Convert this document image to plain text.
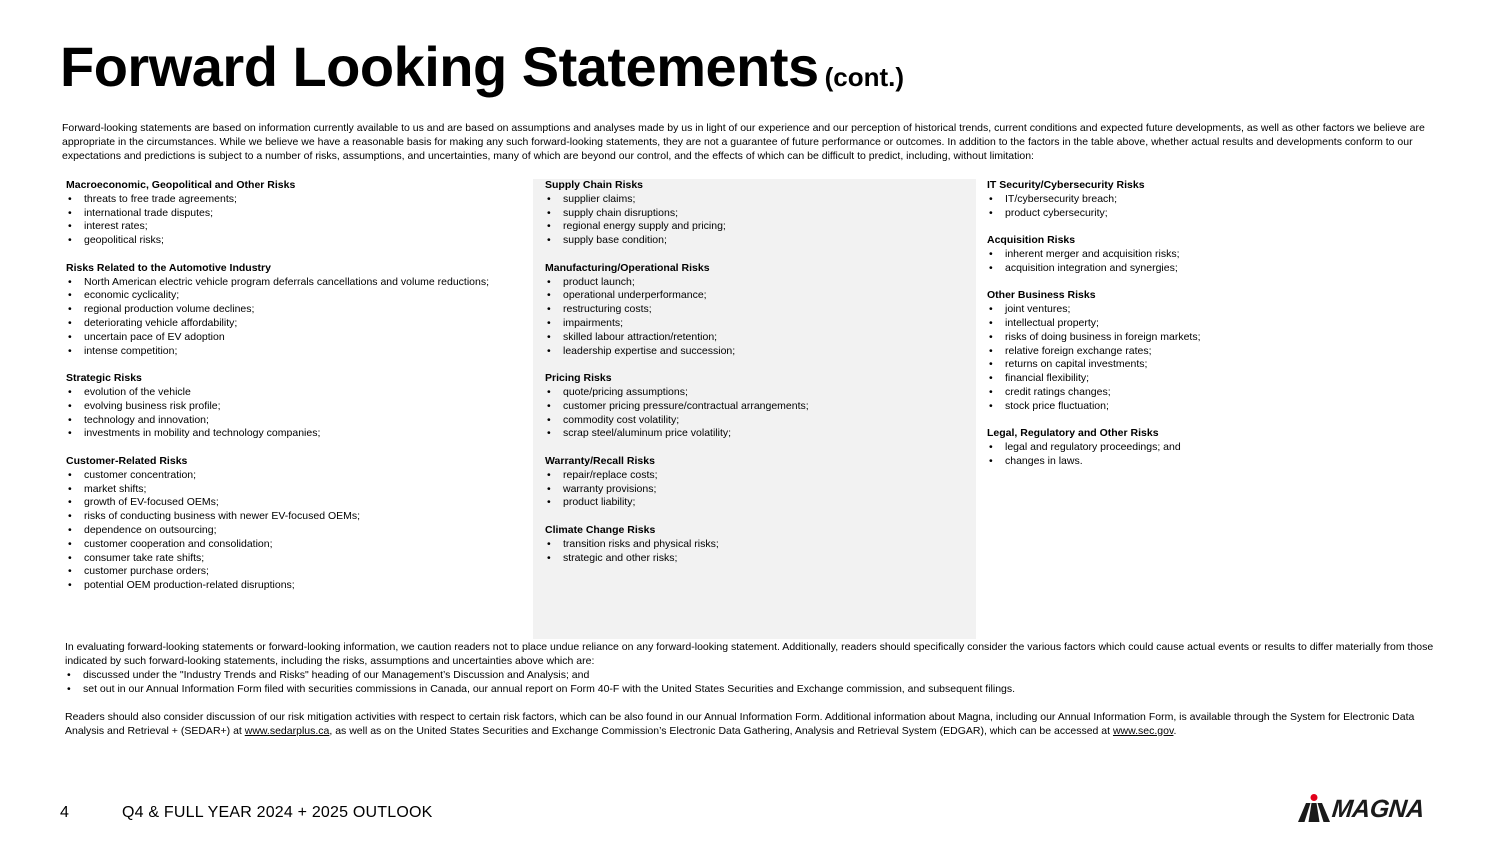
Forward Looking Statements (cont.)

Forward-looking statements are based on information currently available to us and are based on assumptions and analyses made by us in light of our experience and our perception of historical trends, current conditions and expected future developments, as well as other factors we believe are appropriate in the circumstances. While we believe we have a reasonable basis for making any such forward-looking statements, they are not a guarantee of future performance or outcomes. In addition to the factors in the table above, whether actual results and developments conform to our expectations and predictions is subject to a number of risks, assumptions, and uncertainties, many of which are beyond our control, and the effects of which can be difficult to predict, including, without limitation:

Macroeconomic, Geopolitical and Other Risks
• threats to free trade agreements;
• international trade disputes;
• interest rates;
• geopolitical risks;
Risks Related to the Automotive Industry
• North American electric vehicle program deferrals cancellations and volume reductions;
• economic cyclicality;
• regional production volume declines;
• deteriorating vehicle affordability;
• uncertain pace of EV adoption
• intense competition;
Strategic Risks
• evolution of the vehicle
• evolving business risk profile;
• technology and innovation;
• investments in mobility and technology companies;
Customer-Related Risks
• customer concentration;
• market shifts;
• growth of EV-focused OEMs;
• risks of conducting business with newer EV-focused OEMs;
• dependence on outsourcing;
• customer cooperation and consolidation;
• consumer take rate shifts;
• customer purchase orders;
• potential OEM production-related disruptions;
Supply Chain Risks
• supplier claims;
• supply chain disruptions;
• regional energy supply and pricing;
• supply base condition;
Manufacturing/Operational Risks
• product launch;
• operational underperformance;
• restructuring costs;
• impairments;
• skilled labour attraction/retention;
• leadership expertise and succession;
Pricing Risks
• quote/pricing assumptions;
• customer pricing pressure/contractual arrangements;
• commodity cost volatility;
• scrap steel/aluminum price volatility;
Warranty/Recall Risks
• repair/replace costs;
• warranty provisions;
• product liability;
Climate Change Risks
• transition risks and physical risks;
• strategic and other risks;
IT Security/Cybersecurity Risks
• IT/cybersecurity breach;
• product cybersecurity;
Acquisition Risks
• inherent merger and acquisition risks;
• acquisition integration and synergies;
Other Business Risks
• joint ventures;
• intellectual property;
• risks of doing business in foreign markets;
• relative foreign exchange rates;
• returns on capital investments;
• financial flexibility;
• credit ratings changes;
• stock price fluctuation;
Legal, Regulatory and Other Risks
• legal and regulatory proceedings; and
• changes in laws.

In evaluating forward-looking statements or forward-looking information, we caution readers not to place undue reliance on any forward-looking statement. Additionally, readers should specifically consider the various factors which could cause actual events or results to differ materially from those indicated by such forward-looking statements, including the risks, assumptions and uncertainties above which are:

• discussed under the "Industry Trends and Risks" heading of our Management’s Discussion and Analysis; and
• set out in our Annual Information Form filed with securities commissions in Canada, our annual report on Form 40-F with the United States Securities and Exchange commission, and subsequent filings.

Readers should also consider discussion of our risk mitigation activities with respect to certain risk factors, which can be also found in our Annual Information Form. Additional information about Magna, including our Annual Information Form, is available through the System for Electronic Data Analysis and Retrieval + (SEDAR+) at www.sedarplus.ca, as well as on the United States Securities and Exchange Commission’s Electronic Data Gathering, Analysis and Retrieval System (EDGAR), which can be accessed at www.sec.gov.

4	Q4 & FULL YEAR 2024 + 2025 OUTLOOK	MAGNA
